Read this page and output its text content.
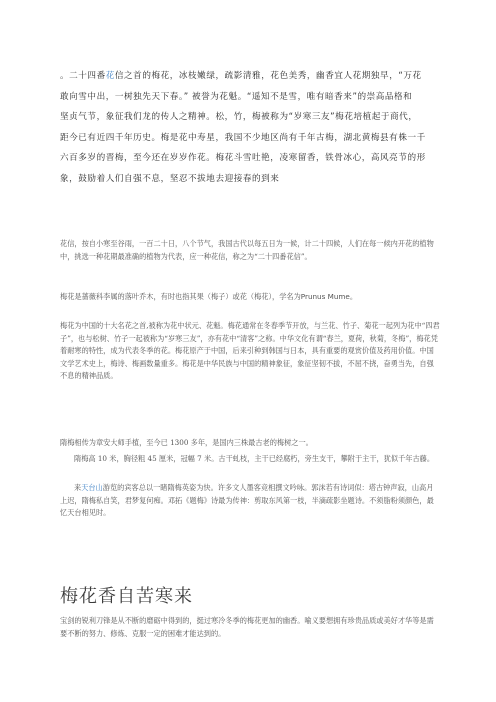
。二十四番花信之首的梅花，冰枝嫩绿，疏影清雅，花色美秀，幽香宜人花期独早，“万花
敢向雪中出，一树独先天下春。” 被誉为花魁。“遥知不是雪，唯有暗香来”的崇高品格和
坚贞气节，象征我们龙的传人之精神。松，竹，梅被称为“岁寒三友”梅花培植起于商代，
距今已有近四千年历史。梅是花中寿星，我国不少地区尚有千年古梅，湖北黄梅县有株一千
六百多岁的晋梅，至今还在岁岁作花。梅花斗雪吐艳，凌寒留香，铁骨冰心，高风亮节的形
象，鼓励着人们自强不息，坚忍不拔地去迎接春的到来

花信，按自小寒至谷雨，一百二十日，八个节气，我国古代以每五日为一候，计二十四候，人们在每一候内开花的植物中，挑选一种花期最准确的植物为代表，应一种花信，称之为“二十四番花信”。

梅花是蔷薇科李属的落叶乔木，有时也指其果（梅子）或花（梅花），学名为Prunus Mume。

梅花为中国的十大名花之首,被称为花中状元、花魁。梅花通常在冬春季节开放，与兰花、竹子、菊花一起列为花中“四君子”，也与松树、竹子一起被称为“岁寒三友”，亦有花中“清客”之称。中华文化有谓“春兰，夏荷，秋菊，冬梅”，梅花凭着耐寒的特性，成为代表冬季的花。梅花原产于中国，后来引种到韩国与日本，具有重要的观赏价值及药用价值。中国文学艺术史上，梅诗、梅画数量重多。梅花是中华民族与中国的精神象征，象征坚韧不拔，不屈不挠，奋勇当先，自强不息的精神品质。

隋梅相传为章安大师手植，至今已 1300 多年，是国内三株最古老的梅树之一。

隋梅高 10 米，胸径粗 45 厘米，冠幅 7 米。古干虬枝，主干已经腐朽，旁生支干，攀附于主干，犹似千年古藤。

来天台山游览的宾客总以一睹隋梅英姿为快。许多文人墨客竞相撰文吟咏。郭沫若有诗词似：塔古钟声寂，山高月上迟，隋梅私自笑，君梦复何痴。邓拓《题梅》诗最为传神：剪取东风第一枝，半滴疏影坐题诗。不须脂粉须颜色，最忆天台相见时。

梅花香自苦寒来

宝剑的锐利刀锋是从不断的磨砺中得到的，挺过寒冷冬季的梅花更加的幽香。喻义要想拥有珍贵品质或美好才华等是需要不断的努力、修炼、克服一定的困难才能达到的。
